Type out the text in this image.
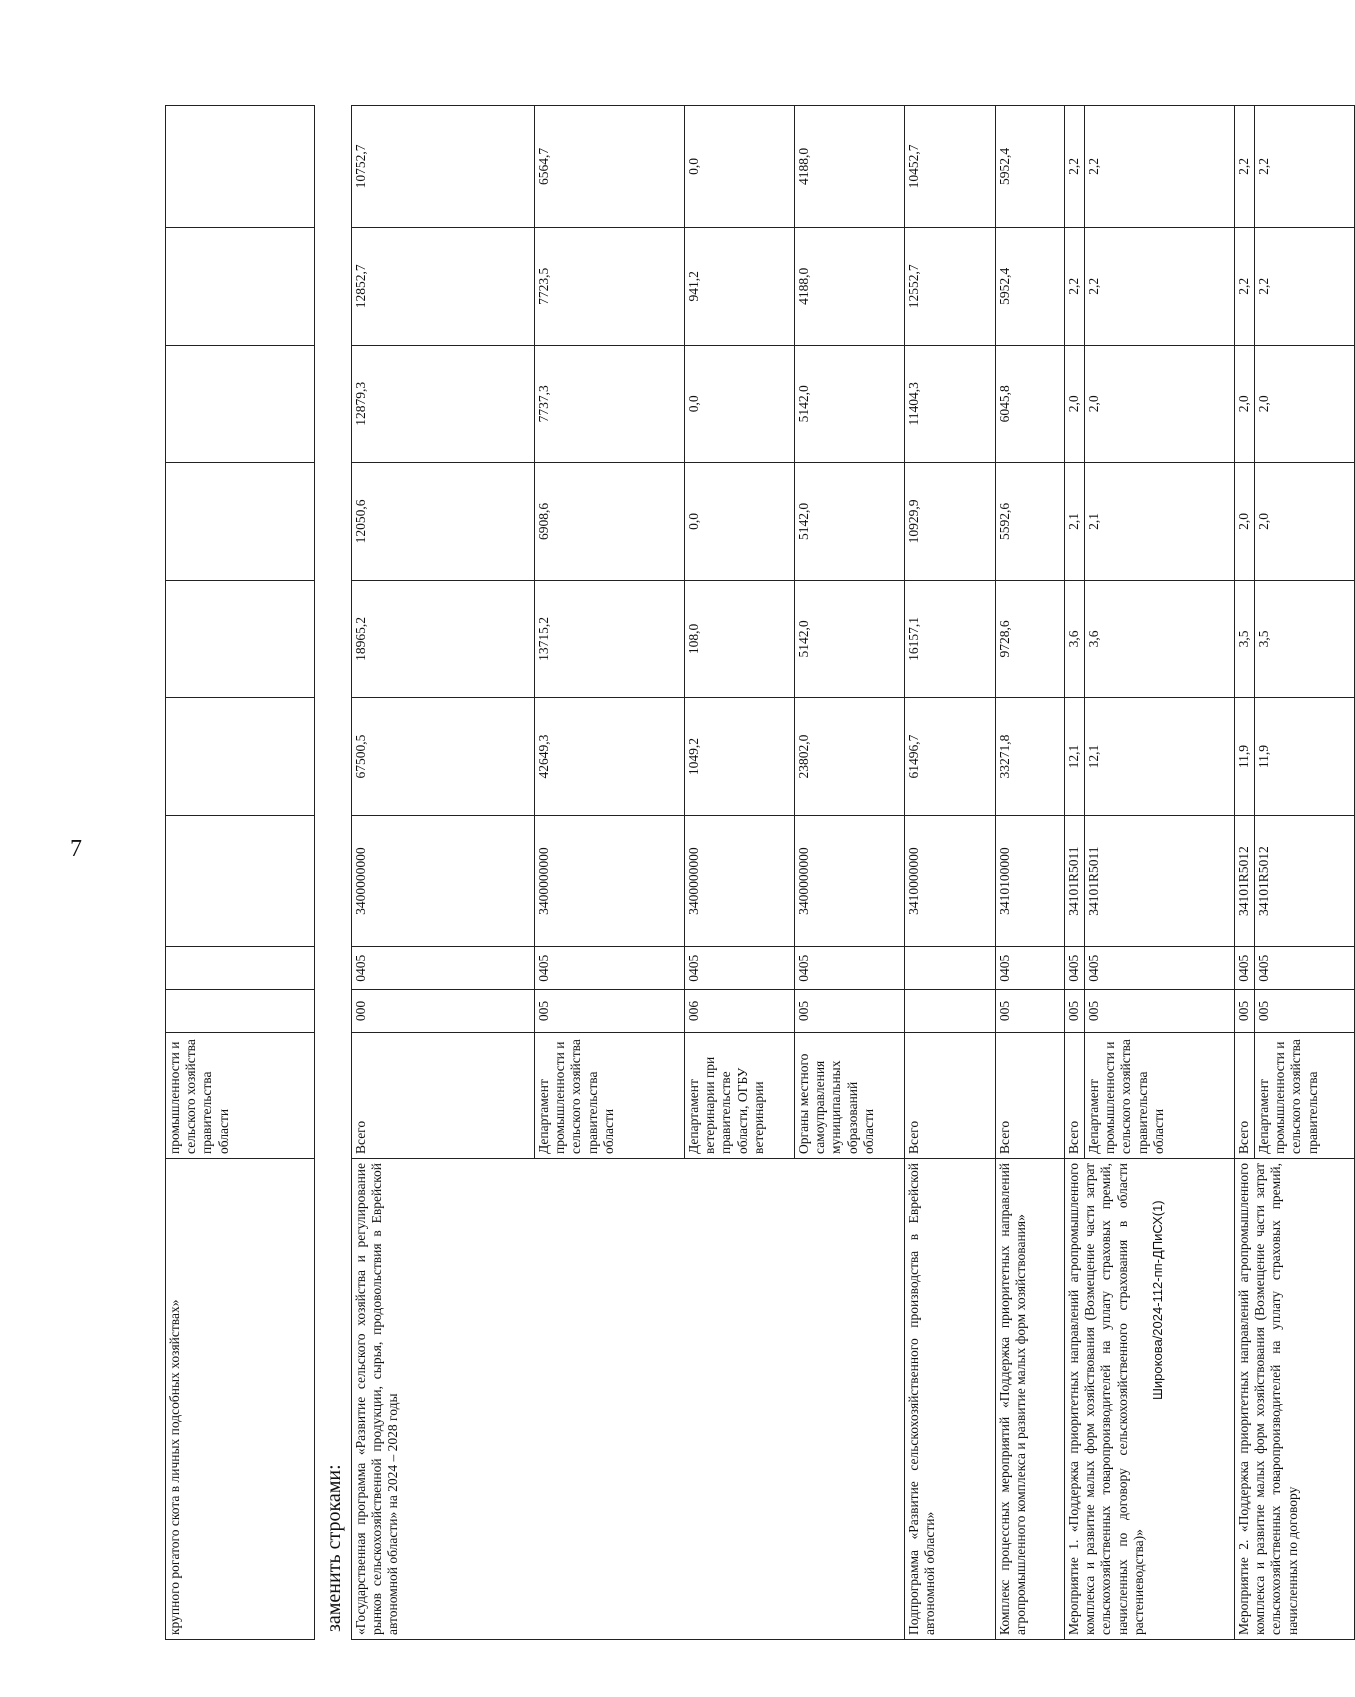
7
Широкова/2024-112-пп-ДПиСХ(1)
крупного рогатого скота в личных подсобных хозяйствах»	промышленности и сельского хозяйства правительства области									
заменить строками: «Государственная программа «Развитие сельского хозяйства и регулирование рынков сельскохозяйственной продукции, сырья, продовольствия в Еврейской автономной области» на 2024 – 2028 годы	Всего	000	0405	3400000000	67500,5	18965,2	12050,6	12879,3	12852,7	10752,7
	Департамент промышленности и сельского хозяйства правительства области	005	0405	3400000000	42649,3	13715,2	6908,6	7737,3	7723,5	6564,7
	Департамент ветеринарии при правительстве области, ОГБУ ветеринарии	006	0405	3400000000	1049,2	108,0	0,0	0,0	941,2	0,0
	Органы местного самоуправления муниципальных образований области	005	0405	3400000000	23802,0	5142,0	5142,0	5142,0	4188,0	4188,0
Подпрограмма «Развитие сельскохозяйственного производства в Еврейской автономной области»	Всего			3410000000	61496,7	16157,1	10929,9	11404,3	12552,7	10452,7
Комплекс процессных мероприятий «Поддержка приоритетных направлений агропромышленного комплекса и развитие малых форм хозяйствования»	Всего	005	0405	3410100000	33271,8	9728,6	5592,6	6045,8	5952,4	5952,4
Мероприятие 1. «Поддержка приоритетных направлений агропромышленного комплекса и развитие малых форм хозяйствования (Возмещение части затрат сельскохозяйственных товаропроизводителей на уплату страховых премий, начисленных по договору сельскохозяйственного страхования в области растениеводства)»	Всего	005	0405	34101R5011	12,1	3,6	2,1	2,0	2,2	2,2
	Департамент промышленности и сельского хозяйства правительства области	005	0405	34101R5011	12,1	3,6	2,1	2,0	2,2	2,2
Мероприятие 2. «Поддержка приоритетных направлений агропромышленного комплекса и развитие малых форм хозяйствования (Возмещение части затрат сельскохозяйственных товаропроизводителей на уплату страховых премий, начисленных по договору	Всего	005	0405	34101R5012	11,9	3,5	2,0	2,0	2,2	2,2
	Департамент промышленности и сельского хозяйства правительства	005	0405	34101R5012	11,9	3,5	2,0	2,0	2,2	2,2
